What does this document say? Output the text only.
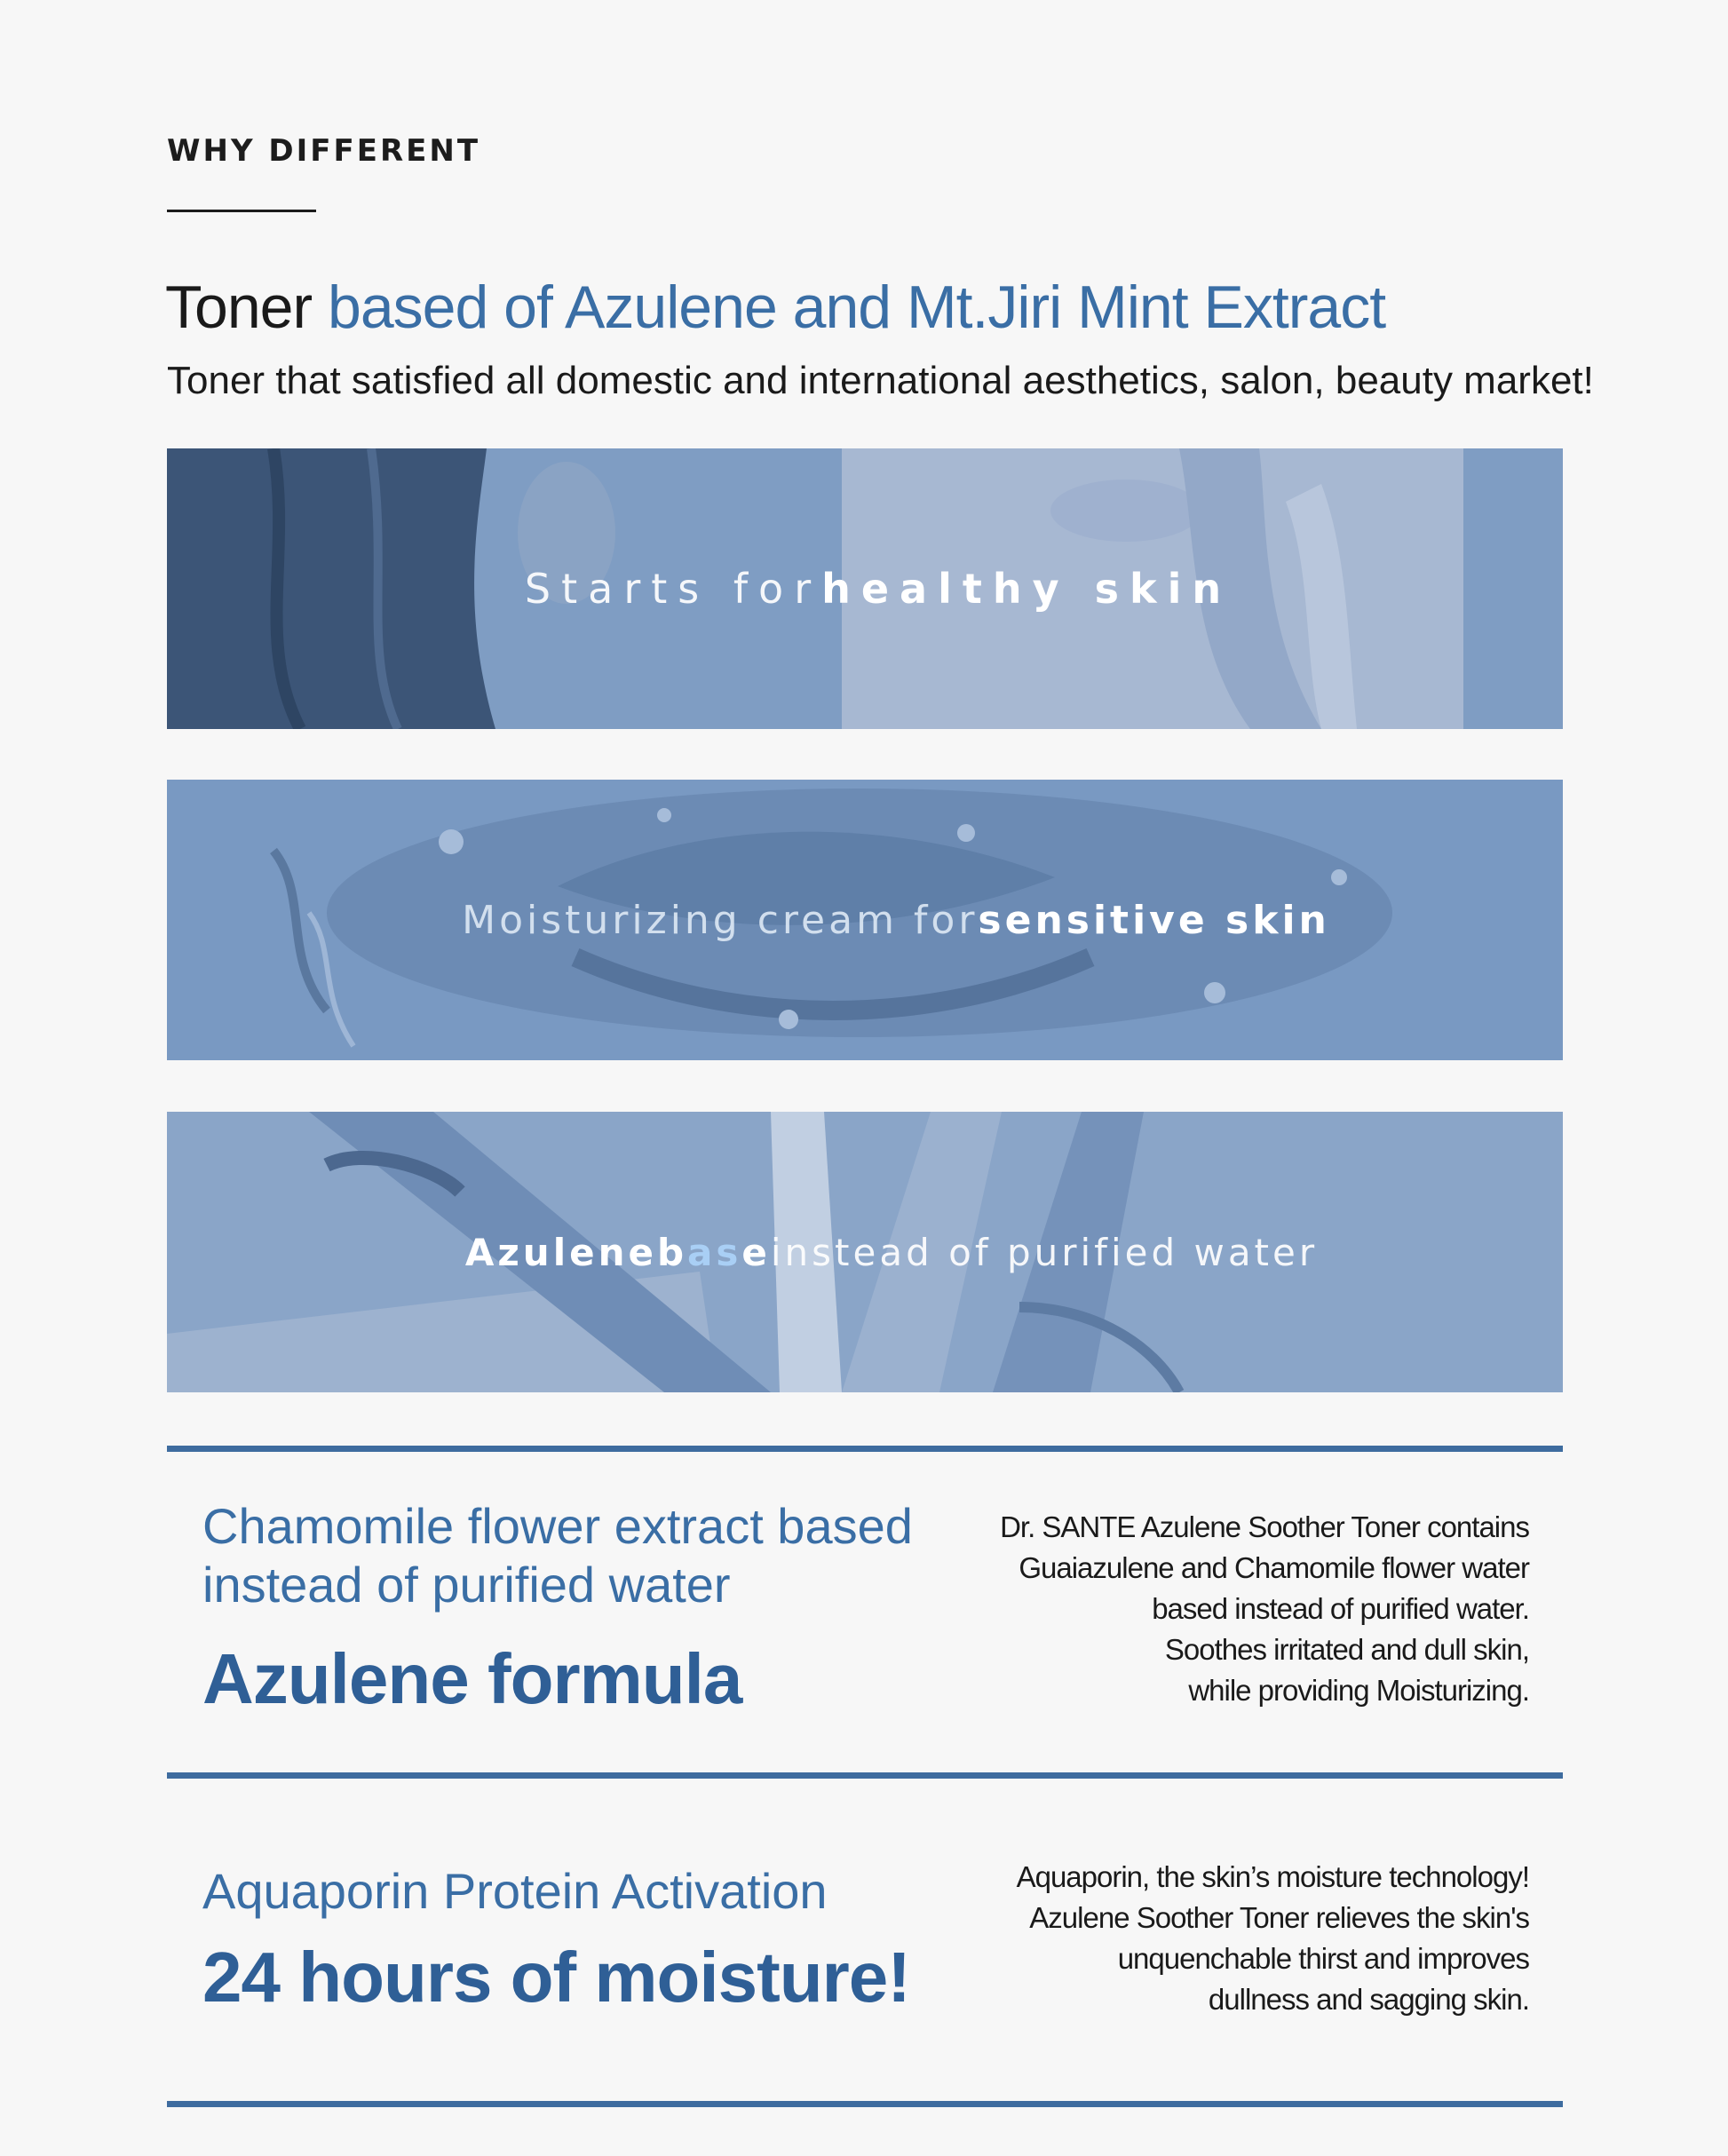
WHY DIFFERENT
Toner based of Azulene and Mt.Jiri Mint Extract
Toner that satisfied all domestic and international aesthetics, salon, beauty market!
Starts for healthy skin
Moisturizing cream for sensitive skin
Azulene b as e instead of purified water
Chamomile flower extract based
instead of purified water
Azulene formula
Dr. SANTE Azulene Soother Toner contains
Guaiazulene and Chamomile flower water
based instead of purified water.
Soothes irritated and dull skin,
while providing Moisturizing.
Aquaporin Protein Activation
24 hours of moisture!
Aquaporin, the skin’s moisture technology!
Azulene Soother Toner relieves the skin's
unquenchable thirst and improves
dullness and sagging skin.
